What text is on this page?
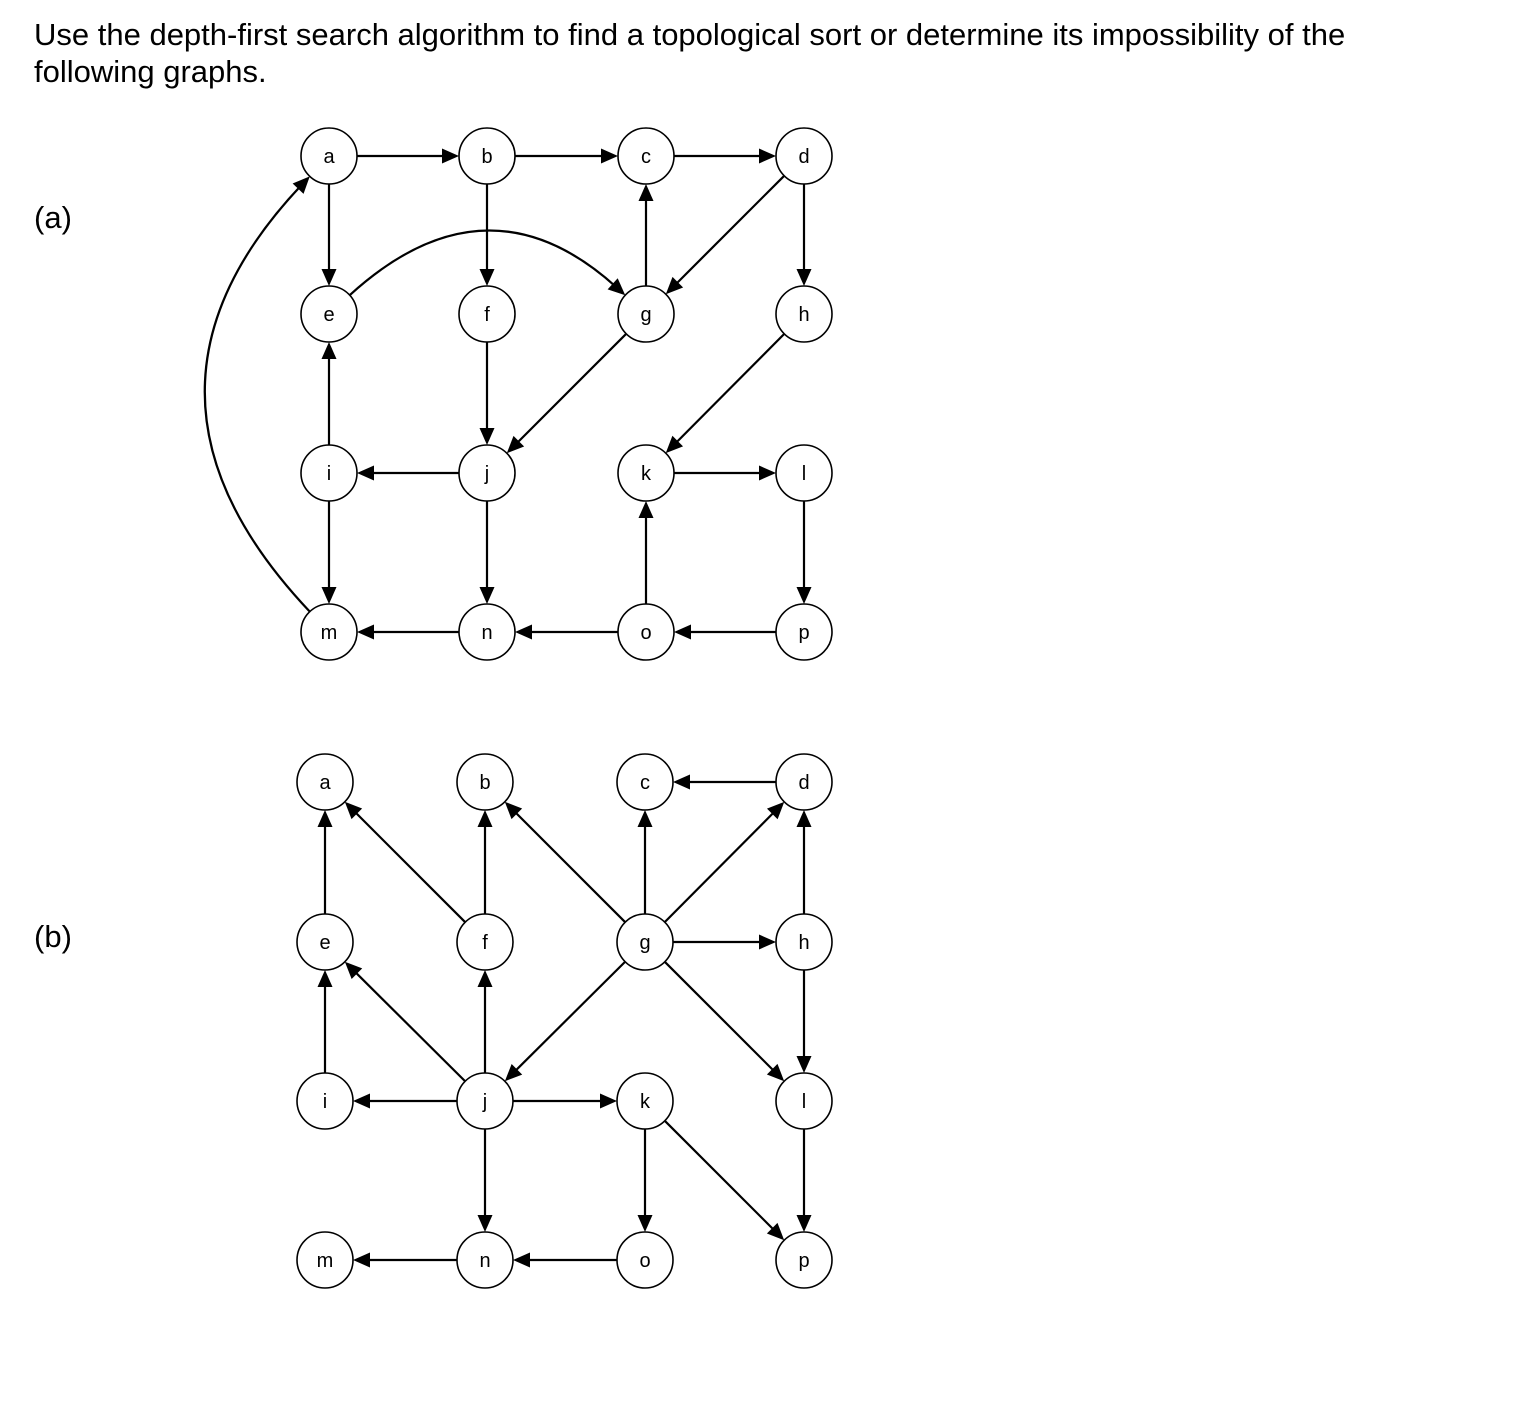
Use the depth-first search algorithm to find a topological sort or determine its impossibility of the following graphs.

(a)
(b)
a	b	c	d
e	f	g	h
i	j	k	l
m	n	o	p
a	b	c	d
e	f	g	h
i	j	k	l
m	n	o	p
